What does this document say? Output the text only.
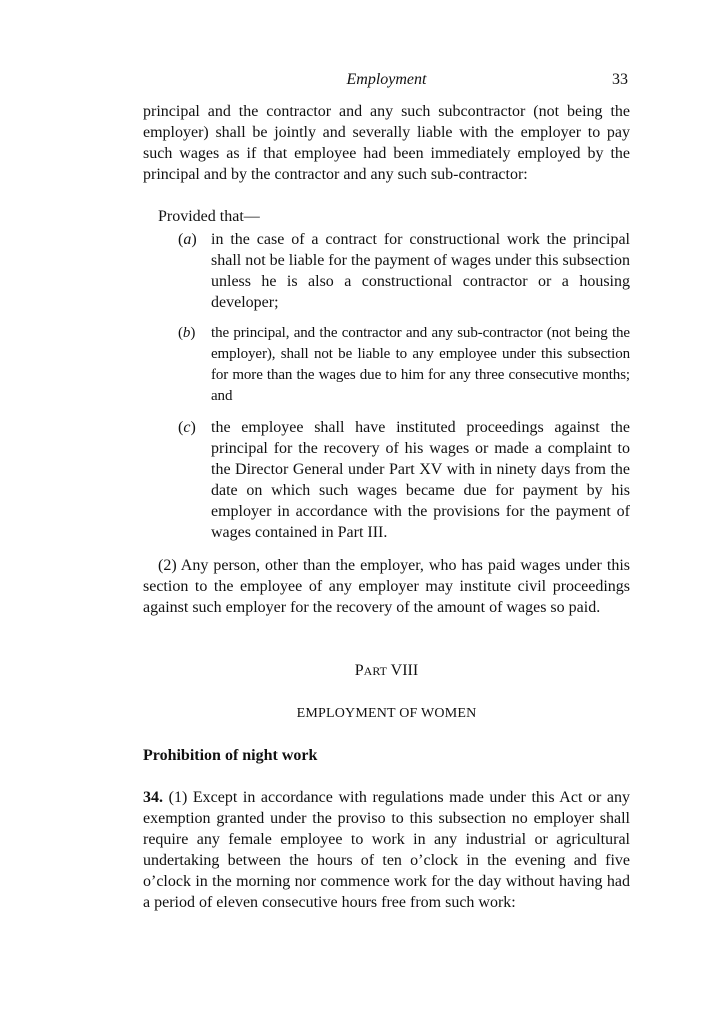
Employment	33

principal and the contractor and any such subcontractor (not being the employer) shall be jointly and severally liable with the employer to pay such wages as if that employee had been immediately employed by the principal and by the contractor and any such sub-contractor:

Provided that—

(a) in the case of a contract for constructional work the principal shall not be liable for the payment of wages under this subsection unless he is also a constructional contractor or a housing developer;
(b) the principal, and the contractor and any sub-contractor (not being the employer), shall not be liable to any employee under this subsection for more than the wages due to him for any three consecutive months; and
(c) the employee shall have instituted proceedings against the principal for the recovery of his wages or made a complaint to the Director General under Part XV with in ninety days from the date on which such wages became due for payment by his employer in accordance with the provisions for the payment of wages contained in Part III.

(2) Any person, other than the employer, who has paid wages under this section to the employee of any employer may institute civil proceedings against such employer for the recovery of the amount of wages so paid.

PART VIII
EMPLOYMENT OF WOMEN
Prohibition of night work

34. (1) Except in accordance with regulations made under this Act or any exemption granted under the proviso to this subsection no employer shall require any female employee to work in any industrial or agricultural undertaking between the hours of ten o’clock in the evening and five o’clock in the morning nor commence work for the day without having had a period of eleven consecutive hours free from such work:
